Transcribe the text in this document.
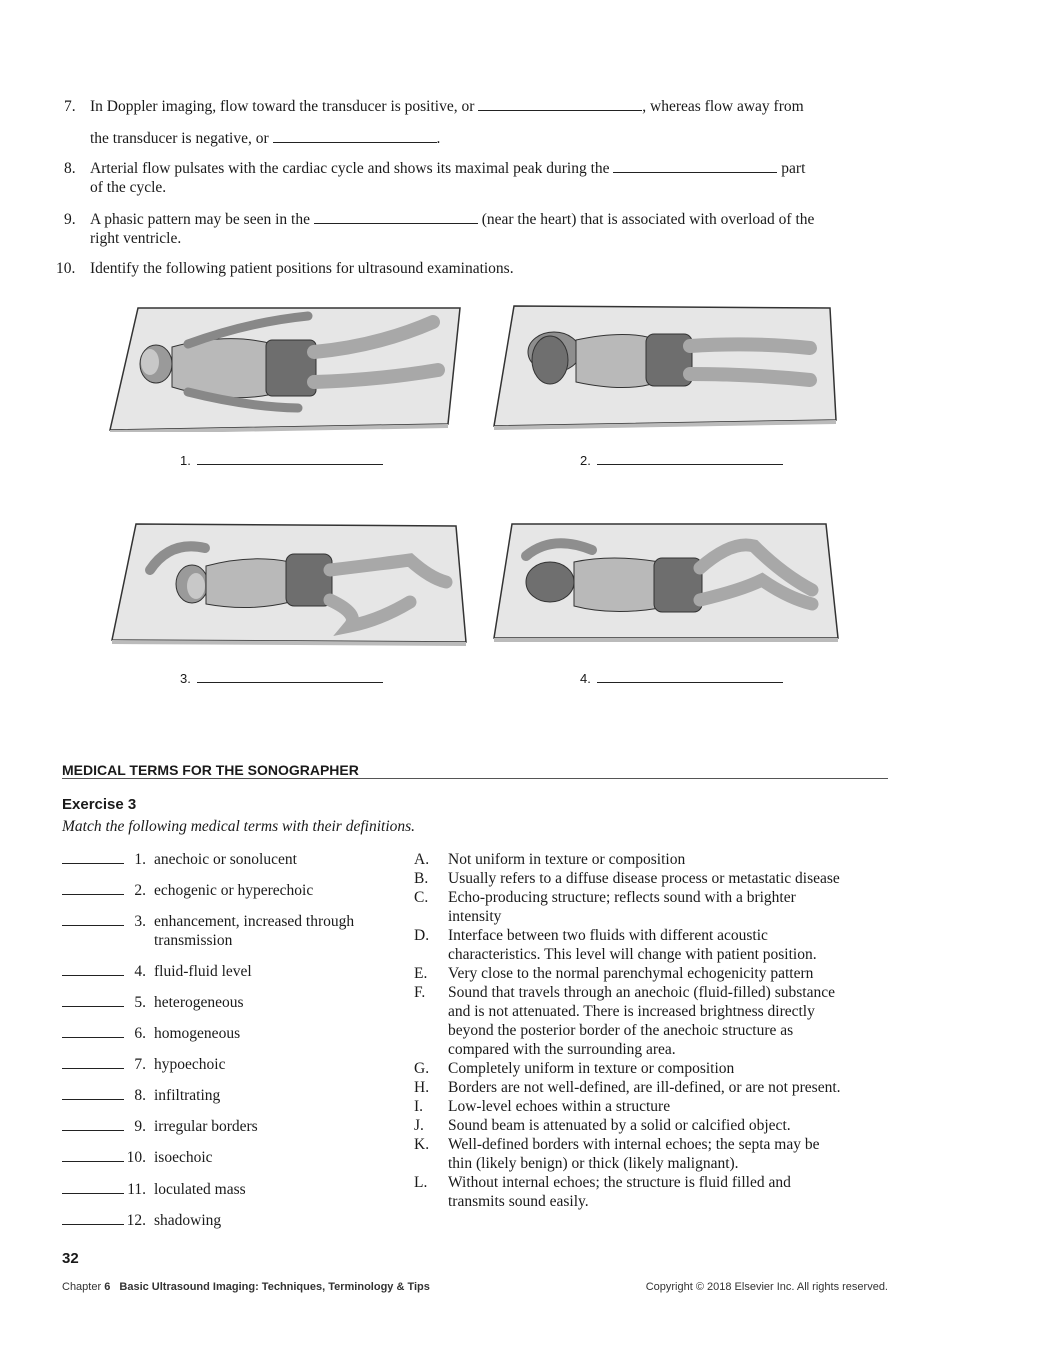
7. In Doppler imaging, flow toward the transducer is positive, or	, whereas flow away from
the transducer is negative, or	.
8. Arterial flow pulsates with the cardiac cycle and shows its maximal peak during the	part
of the cycle.
9. A phasic pattern may be seen in the	(near the heart) that is associated with overload of the
right ventricle.
10. Identify the following patient positions for ultrasound examinations.
1.	2.
3.	4.
MEDICAL TERMS FOR THE SONOGRAPHER
Exercise 3
Match the following medical terms with their definitions.
1. anechoic or sonolucent
2. echogenic or hyperechoic
3. enhancement, increased through
transmission
4. fluid-fluid level
5. heterogeneous
6. homogeneous
7. hypoechoic
8. infiltrating
9. irregular borders
10. isoechoic
11. loculated mass
12. shadowing
A. Not uniform in texture or composition
B. Usually refers to a diffuse disease process or metastatic disease
C. Echo-producing structure; reflects sound with a brighter
intensity
D. Interface between two fluids with different acoustic
characteristics. This level will change with patient position.
E. Very close to the normal parenchymal echogenicity pattern
F. Sound that travels through an anechoic (fluid-filled) substance
and is not attenuated. There is increased brightness directly
beyond the posterior border of the anechoic structure as
compared with the surrounding area.
G. Completely uniform in texture or composition
H. Borders are not well-defined, are ill-defined, or are not present.
I. Low-level echoes within a structure
J. Sound beam is attenuated by a solid or calcified object.
K. Well-defined borders with internal echoes; the septa may be
thin (likely benign) or thick (likely malignant).
L. Without internal echoes; the structure is fluid filled and
transmits sound easily.
32
Chapter 6 Basic Ultrasound Imaging: Techniques, Terminology & Tips	Copyright © 2018 Elsevier Inc. All rights reserved.
